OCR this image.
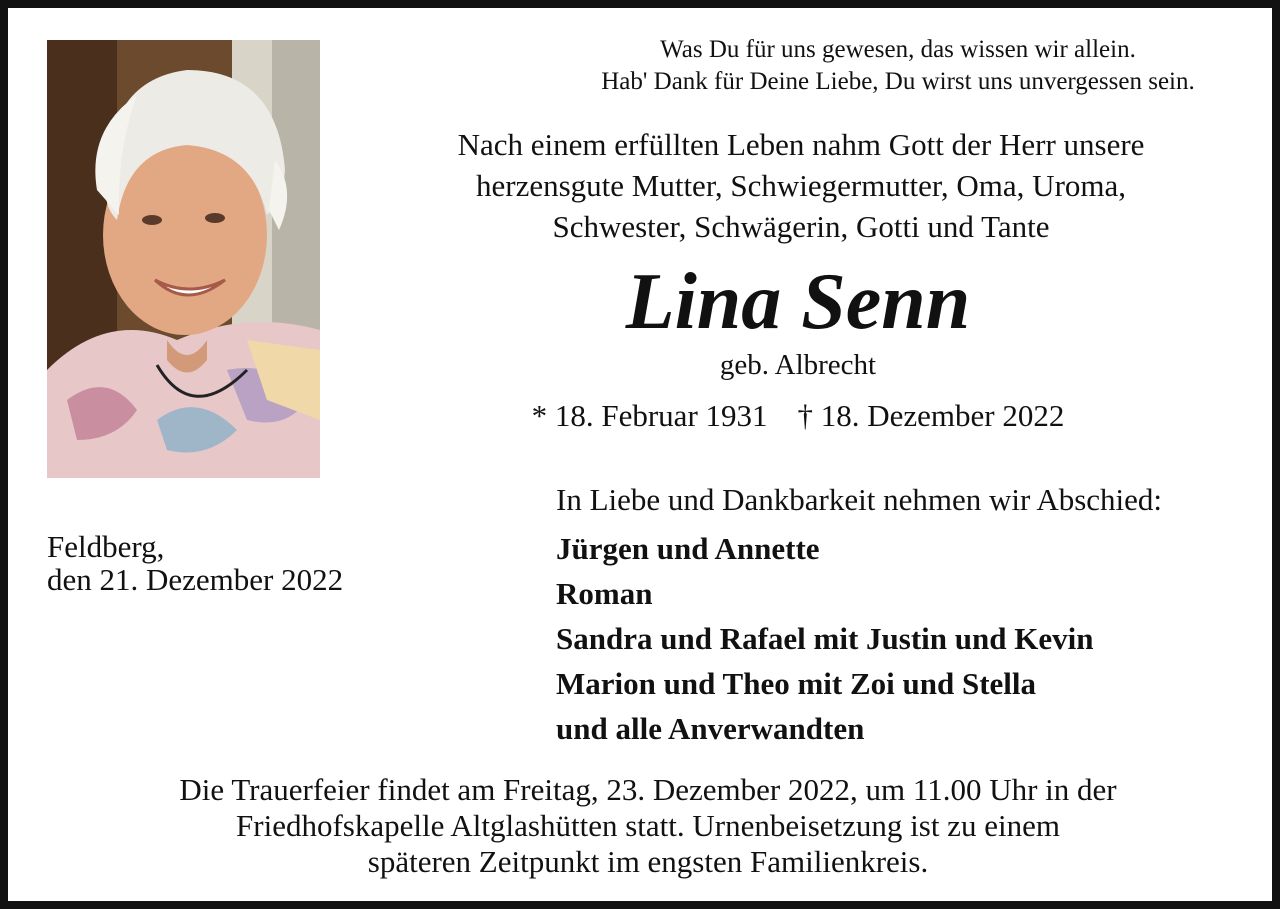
Was Du für uns gewesen, das wissen wir allein.
Hab' Dank für Deine Liebe, Du wirst uns unvergessen sein.
Nach einem erfüllten Leben nahm Gott der Herr unsere
herzensgute Mutter, Schwiegermutter, Oma, Uroma,
Schwester, Schwägerin, Gotti und Tante
Lina Senn
geb. Albrecht
* 18. Februar 1931 † 18. Dezember 2022
Feldberg,
den 21. Dezember 2022
In Liebe und Dankbarkeit nehmen wir Abschied:
Jürgen und Annette
Roman
Sandra und Rafael mit Justin und Kevin
Marion und Theo mit Zoi und Stella
und alle Anverwandten
Die Trauerfeier findet am Freitag, 23. Dezember 2022, um 11.00 Uhr in der
Friedhofskapelle Altglashütten statt. Urnenbeisetzung ist zu einem
späteren Zeitpunkt im engsten Familienkreis.
